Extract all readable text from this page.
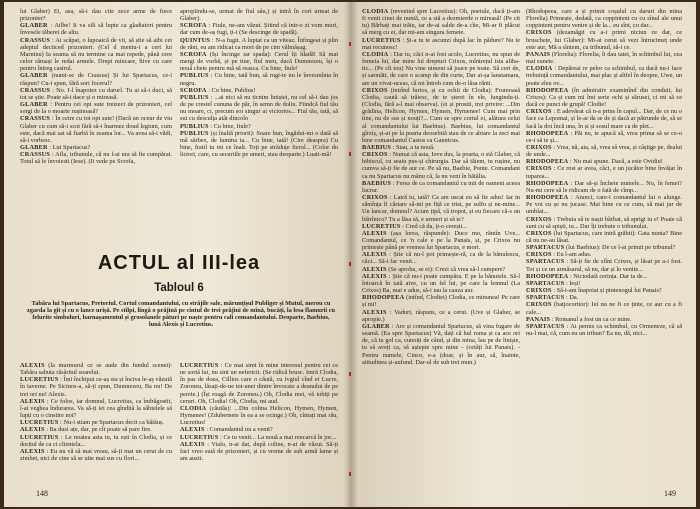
lui Glaber) Ei, asa, să-i dau cite zece arme de fiece prizonier?

GLABER : Ailbe! Ii va sili să lupte ca gladiatori pentru învesele tăberei de altu.

CRASSUS : Ai scăpat, o lupoaică de vii, să știe să aibi cei adeptul decticed prizonieri. (Cel d meniu-i a cert lui Marninu) Ia seama să nu termine ca mai repede, până cere celor rămași le redai armele. Drept mincare, îtive cu care pentru întreg castrul.

GLABER (nunit-se de Crassus) Și lui Spartacus, ce-i răspun? Cu-i spun, fără sori focerul?

CRASSUS : No. I-l înapoiez cu darurl. Tu ai să-i duci, să tot se știe. Poate să-i dace și o mireasă.

GLABER : Pentru cei opt sute treizeci de prizonieri, cel sorgi de la o moarte rușinoasă?

CRASSUS : În cetre cu tot opt sute! (Dacă un oceur de viu Glaber cu cum să-i scot fără să-i înarmez doud legiuni, cum este, dacă mai sat să fiarbă în zeama lor... Va avea să-i vădi, să-i vorbesc.

GLABER : Lui Spartacus?

CRASSUS : Afla, tribunule, că nu l-ai ura să fie cumpărat. Totul să le învoiesti (Iese). (Ii vede pe Scrofa,

apropiindu-se, urmat de fiul său,) și intră în cort urmat de Glaber).

SCROFA : Fiule, ne-am văzut. Știind că intr-o zi vom muri, dar cum de-aș fugi, ți-i (Se descinge de spadă).

QUINTUS : N-a fugit. A luptat ca un viteaz. Înfingeat și plin de răni, eu am ridicat ca mort de pe cim vălmășag.

SCROFA (Iși încinge iar spada): Cerul îți îdadă! Să mai mergi de vorbă, și pe tine, fiul meu, dacă Dumnezeu, își o nouă cheie pentru mă să reasca. Cu bine, fiule!

PUBLIUS : Cu bine, tată bun, să rugi-te nu le învesmînta în negru.

SCROFA : Cu bine, Publius!

PUBLIUS : ...ai nici să nu ticnim liniștei, nu cel să-i dau jos de pe crestel cununa de păr, în semn de doliu. Fiindcă fiul tău nu moare, ci, precum soi singur ai victorios... Fiul tău, tată, să sui cu desculța atât dincolo

PUBLIUS : Cu bine, fiule?

PUBLIUS (și înaltă priorii): Soare bun, îngădui-mi o dată să mă sărbez, de lumina ta... Cu bine, tată! (Cire deaspra) Cu bine, fratil tu mi ce înalt. Toți pe străduțe fierul... (Color do lictori, care, cu securiile pe umeri, stau deoparte.) Luati-mă!

ACTUL al III-lea
Tabloul 6

Tabăra lui Spartacus, Pretoriul. Cortul comandantului, cu străjile sale, mărunțișul Publiger și Mutul, merou cu zgarda la gît și cu o lance urișă. Pe stîlpi, lîngă o prăjină pe cintul de trei prăjini de mînă, bucăți, la lesa flamurii cu felurite simboluri, harnașamentul și grosolanele pături pe naște pentru cali comandantului. Deoparte, Baebius, lună Alexis și Lucretius.

ALEXIS (la murmurul ce se aude din fundul scenei): Tabăra sabuta răsăritul soarelui.

LUCRETIUS : Îmi închipui ce-aș sta și înciva le-aș văzută în taverne. Pe Sicinos-a, să-ți spun, Dumnezeu, Ba nu! De trei ori nu! Alexis.

ALEXIS : Ce folos, iar domnul, Lucretius, ca îndrăgostit, î-ai veghea îndurarea. Va să-ți iei cea gîndită la săbielele să lupți cu o cinstire noi?

LUCRETIUS : Nu-i stiam pe Spartacus decit ca bătăuș.

ALEXIS : Ba dusi ațe, dar, pe cît poate să pare fire.

LUCRETIUS : Le noatea asta tu, tu ești în Clodia, și ce doritul de ca ci clientela...

ALEXIS : Eu nu vă să mai vreau, să-ți mai un cerut de cu zimbet, nici de cine să se uite mai sus cu flori...

LUCRETIUS : Ce mai simt în mine interesul pentru cei ce ne sortă lui, nu sint un nefericit. (Se ridică brusc. Intră Clodia, în pas de doea, Cillios care o căută, cu ivgiul cînd ei Lucre, Zoroneu, lăsați-de-ue tot-unei dintre învocate a deanului de pe perete.) (Își roagă de Zoroneu.) Oh, Clodia mei, vă iubiți pe ceruri. Oh, Clodia! Oh, Clodia, mi aud.

CLODIA (căutăs): ...Din colina Helicon, Hymen, Hymen, Hymenee! (Zdubernete în ea a se ocinge.) Oh, cîntați mai rău, Lucretius!

ALEXIS : Comandantul nu a venit?

LUCRETIUS : Ce tu venit... La nouă a mai rencarcă în joc...

ALEXIS : Vialo, n-ai dat, după coline, n-ai de văzut. Să-ți faci vreo sută de prizonieri, și cu vreme de sub armă lame și am auzit.

148

CLODIA (revenind spre Lucretius): Oh, poetule, dacă ți-am fi venit cinei de nuntă, ce a stă a dezmierde o mireasă! (Pe cit tu) Bărbați mai trăiu, iar de-ai salde de-a cîte, Mi-ar fi plăcut să merg cu ei, dar mi-am singura femeie.

LUCRETIUS : Și-a tu te ascunzi după lac în pădure? Nu te mai recunosc!

CLODIA : Dar tu, căci n-ai fost acolo, Lucretius, nu spun de femeia lui, dar mine lui drepturi Crixos, mîntrețul ista aliba-tic... (Pe cît tou) Nu vine nimeni să joace pe toate. Să ceri de, și sarmătt, de care o scamp de din curte, Dar ai-șa lanstamara, are un vivat-uceas, că mi întreb cum de-o lăsa rănti.

CRIXOS (intrînd furios, și cu ochii de Clodia): Frumoasă Clodia, caută să trăiesc, de te șterei în ele, lungindu-ți. (Clodia, fără a-l mai observa). (ei și prostii, trei privire: ...Din grădina, Helicon, Hymen, Hymen, Hymenee! Cum mai prin tine, nu de sus și nouți?... Cum se spre cortul ei, alătura celui al comandantului lui Baebius). Baebius, lui comandantul gîrziș, și-ai pe la poarta deosebită stau de ce abtare la zeci mai bine comandantul Castus ca Gannicus.

BAEBIUS : Stau, a ta nouă.

CRIXOS : Numai că asta, Iove dus, la poarta, o stă Glaber, că hibiscul, cu seaiu pus-și chirurgia. Dar să tăiem, tu rușine, nu cumva să-ți fie de aur ce. Pe să nu, Baebie, Ponte. Comandant ca nu Spartacus nu mănu că, la nu veni în bătălia.

BAEBIUS : Ferea de ca comandantul cu mii de oameni aceea lucrur.

CRIXOS : Latră tu, tată? Ca am uscat eu să fie adus! Iar in sămînța fi cărtare să-mi pe fiță ce trist, pe sulfu și ne-mine... Un lancar, domnul? Acum țipă, că tropot, și eu fiecare că-s un bătrînico? Tu a lăsa să, e urmeri și să te?

LUCRETIUS : Cred că da, ți-o cerești...

ALEXIS (așa lorea, răspunde): Duce mo, rămîn Uve... Comandantul, ce 'n cale e pe la Panais, și, pe Crixos nu primește până pe vremea lui Spartacus, e mort.

ALEXIS : Știe că nu-l pot primește-ră, ca de la bănulescu, căci... Să-i fac venit...

ALEXIS (Se aproba, se ei): Crezi că vrea să-l cumpere?

ALEXIS : Știe că nu-i poate cumpăra. E pe la bănuiele. Să-l întoarcă în tată aive, cu un fel lui, pe care la lemnul (La Crixos) Ba, mai e adus, să-i iau la cauza aur.

RHODOPEEA (intînd, Clodiei) Clodia, ce minunea! Pe care și mi!

ALEXIS : Vaduri, răspuns, ce a cerut. (Uve și Glaber, se apropie.)

GLABER : Are și comandantul Spartacus, să vina fugare de seamă. (Ea spre Spartacus) Vă, dați că hul roma și ca ace ori de, că tu gol ca, cunoiți de când, și din mina, lau pe de liniște, tu să aveți ca, să aștepte spre mine - (cetăți lui Panais). - Pentru numele, Cinco, e-a (doar, și în aur, să, înainte, atitudinea și-aufund. Dar-ul de sub trei mun.)

(Rhodopeea, care a și primit coșulul cu daruri din mina Florelia) Primește, dedată, ca coppintent cu cu sînul ale unui coppintent pentru venire și de la... eu sînt, cu dar...

CRIXOS (dezamăgit cu a-i primi niciun ce dar, ce bruschețe, lui Glaber): Mi-ai cerut să vezi întrucimeț unde este aur, Mă a sîntem, cu tribunul, să-i ce.

PANAIS (Florelia): Florelia, îi dau tatei, în schimbul lui, cea mai sunete.

CLODIA : Depăreai re pelor ca schimbul, ca dacă nu-i face trebuință comandantului, mai plac și altfel în deopre, Uwe, un poate eleu ov...

RHODOPEEA (în admirativ examinînd din conduit, lui Crixos): Ca și cum mi îmi serie ochi și sărusei, ci mi să ce dacă ce punct de grupă! Clodie!

CRIXOS : E adevărat că n-a prins în capul... Dar, de ce nu o face ca Lepomai, și le-ar da se de și dacă ar pătrunde de, să se facă la doi încă una, în și și sosul mare ca de plet...

RHODOPEEA : Păi nu, te apucă să, vrea prima să se ce-o ce-i să te și...

CRIXOS : Vrea, nă, aia, să, vrea să vrea, și câștige pe, dealui de unde...

RHODOPEEA : Nu mai spune. Dacă, a este Ovidiu!

CRIXOS : Ce rost ar avea, căci, e un jucător bine învățat în tuparea...

RHODOPEEA : Dar să-și încheie numele... Nu, în femei? Nu-mi cere să le ridicam de o fată de cîmp...

RHODOPEEA : Atunci, care-i comandantul lui o alunge. Pe voi cu șe nu jucase. Mai bine cu ce cum, să mai jur de umblat...

CRIXOS : Trebuia să te naști bărbat, să aprigi tu e! Poate că sunt cu să spiști, tu... Dar îți trebuie o tribunului.

CRIXOS (lui Spartacus, care intră grăbit): Gata nunta? Bine că nu ne-au lăsat.

SPARTACUS (lui Baebius): De ce l-ai primit pe tribunul?

CRIXOS : Eu l-am adus.

SPARTACUS : Să-ți fie de sfînt Crixos, și lăsat pe a-i fost. Tot și ce un armăsarul, să nu, dar și lo venite...

RHODOPEEA : Niciodată cerința. Dar ia de...

SPARTACUS : Ieși!

CRIXOS : Să-i-am înapoiat și pintenogul lui Panais?

SPARTACUS : Da.

CRIXOS (batjocoritor): Iei nu ne fi ce ținte, ce aur cu a fi cale...

PANAIS : Romanul a fost un ca ce mine.

SPARTACUS : Ai pernis ca schimbul, cu Ormeneze, că să nu-l mai, că, cum eu un tribun? Ea nu, dă, nici...

149
